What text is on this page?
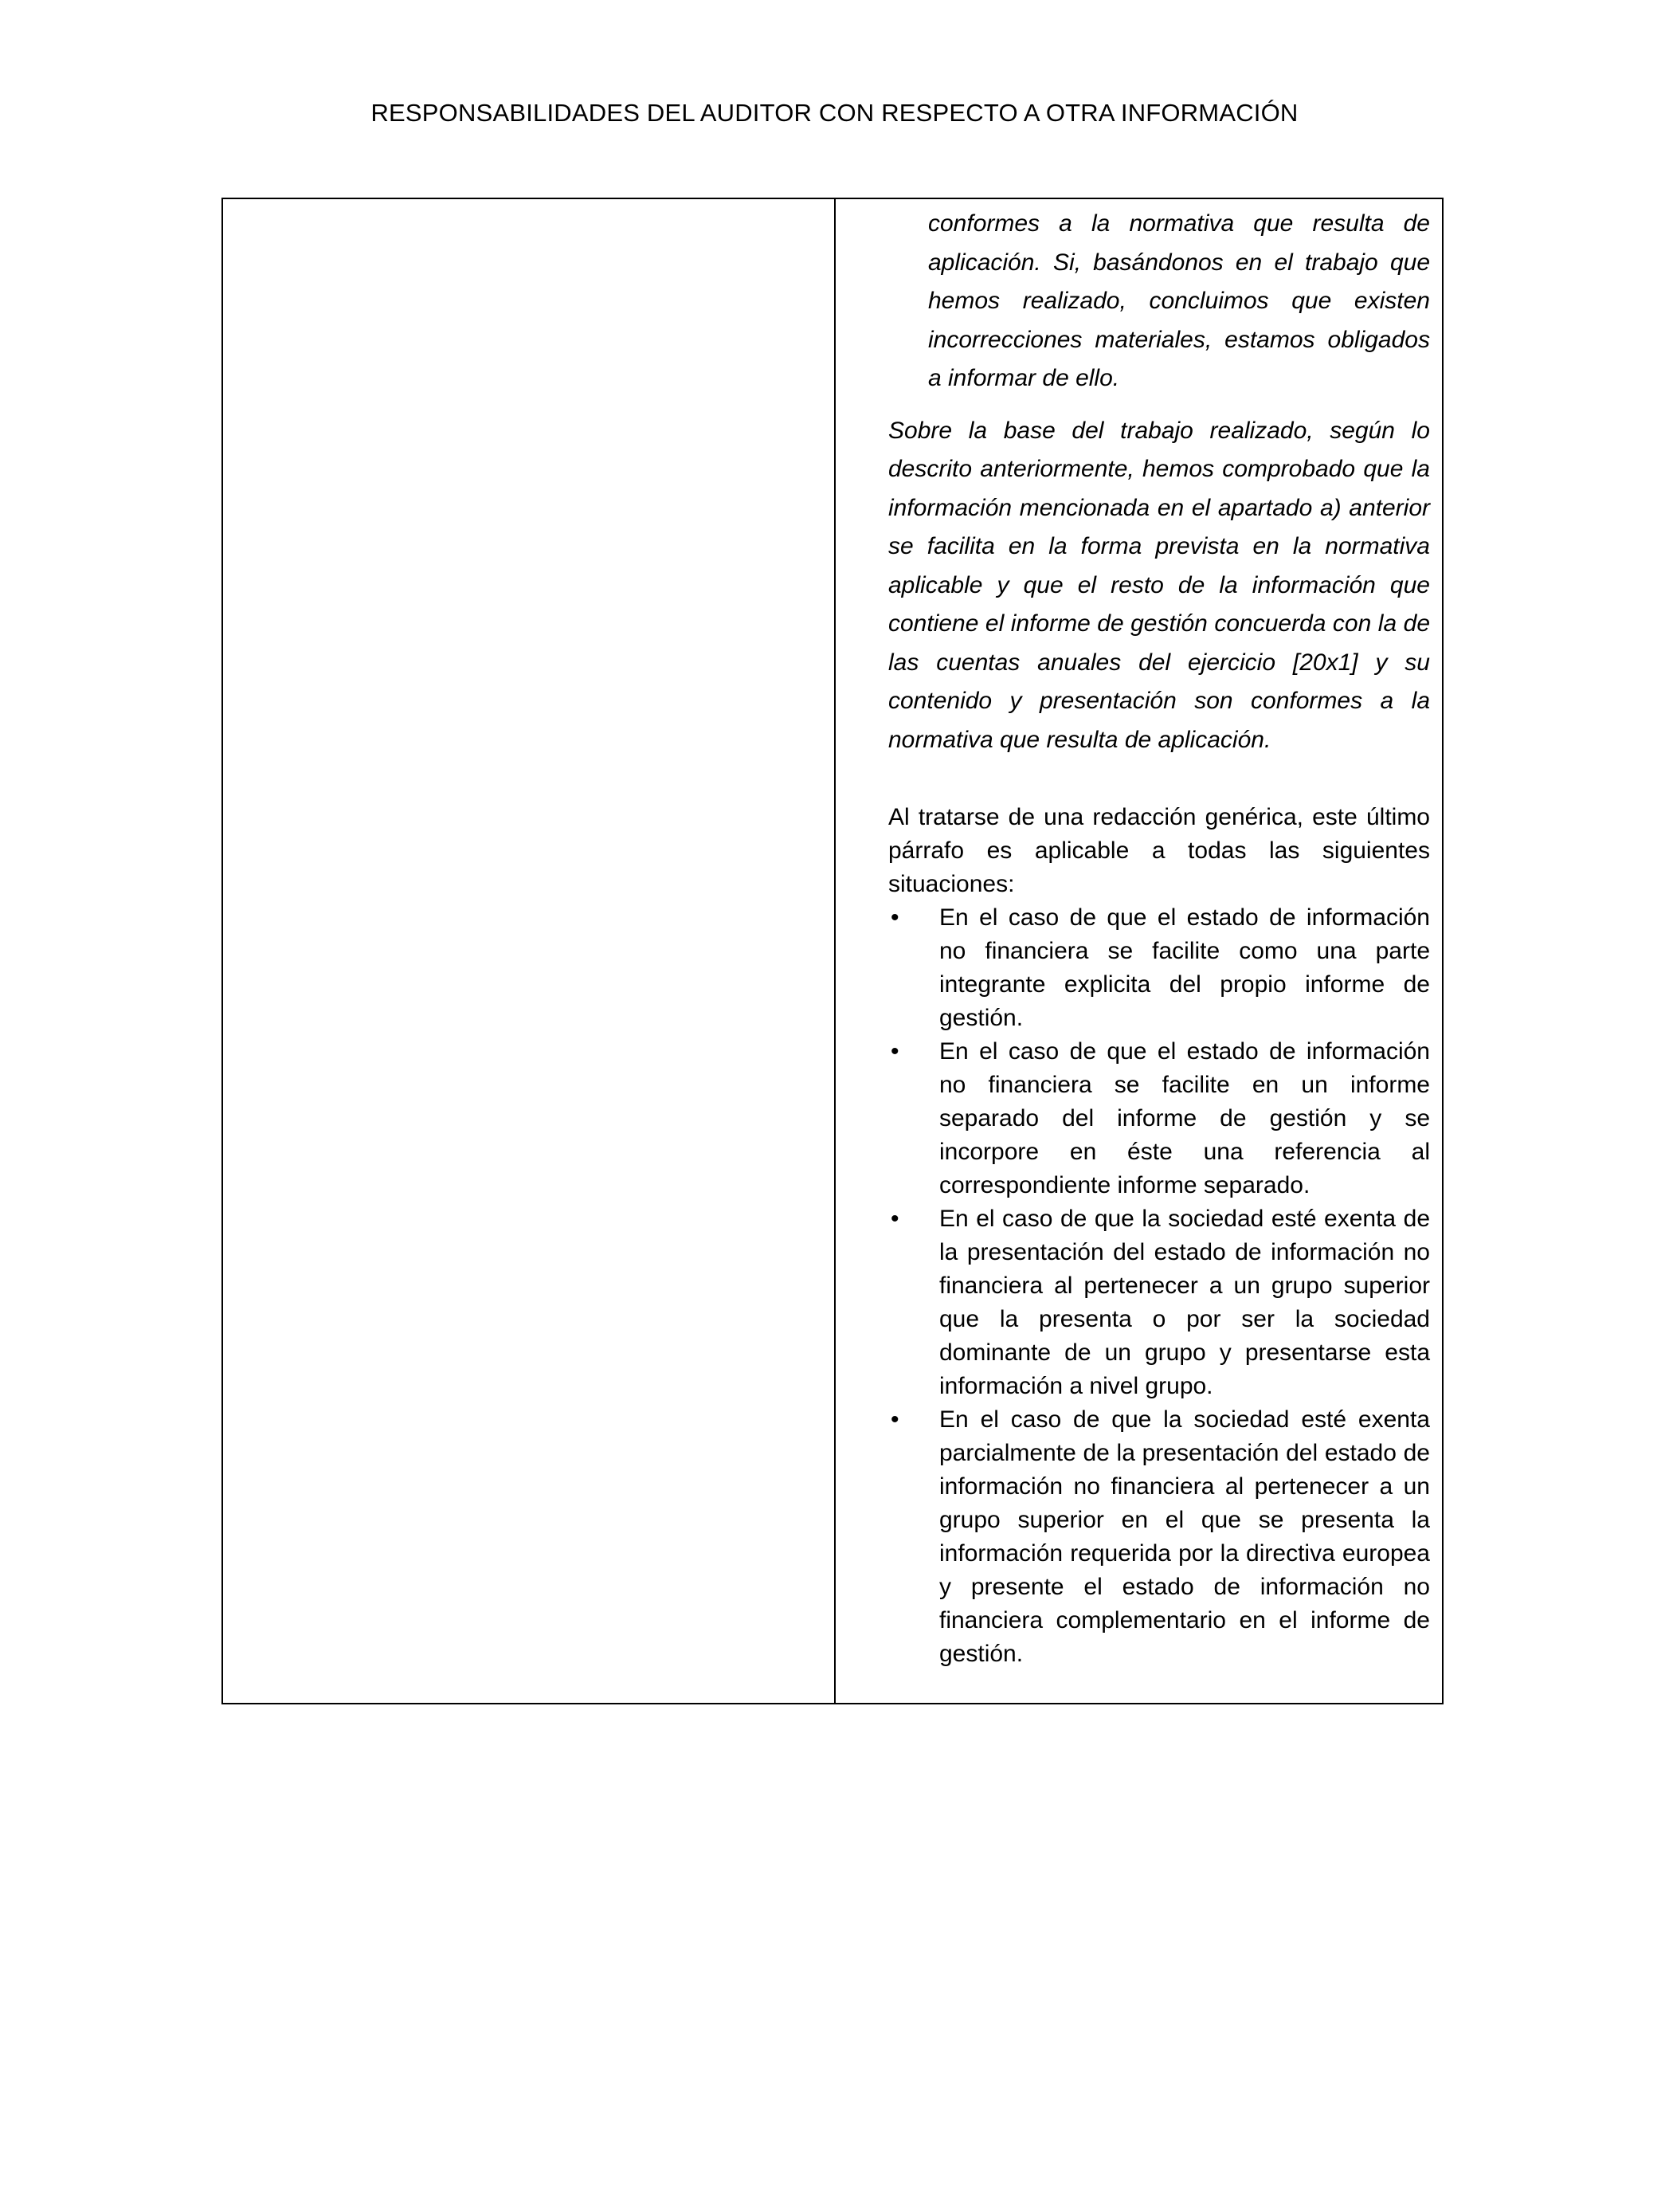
RESPONSABILIDADES DEL AUDITOR CON RESPECTO A OTRA INFORMACIÓN

conformes a la normativa que resulta de aplicación. Si, basándonos en el trabajo que hemos realizado, concluimos que existen incorrecciones materiales, estamos obligados a informar de ello.

Sobre la base del trabajo realizado, según lo descrito anteriormente, hemos comprobado que la información mencionada en el apartado a) anterior se facilita en la forma prevista en la normativa aplicable y que el resto de la información que contiene el informe de gestión concuerda con la de las cuentas anuales del ejercicio [20x1] y su contenido y presentación son conformes a la normativa que resulta de aplicación.

Al tratarse de una redacción genérica, este último párrafo es aplicable a todas las siguientes situaciones:

• En el caso de que el estado de información no financiera se facilite como una parte integrante explicita del propio informe de gestión.
• En el caso de que el estado de información no financiera se facilite en un informe separado del informe de gestión y se incorpore en éste una referencia al correspondiente informe separado.
• En el caso de que la sociedad esté exenta de la presentación del estado de información no financiera al pertenecer a un grupo superior que la presenta o por ser la sociedad dominante de un grupo y presentarse esta información a nivel grupo.
• En el caso de que la sociedad esté exenta parcialmente de la presentación del estado de información no financiera al pertenecer a un grupo superior en el que se presenta la información requerida por la directiva europea y presente el estado de información no financiera complementario en el informe de gestión.
